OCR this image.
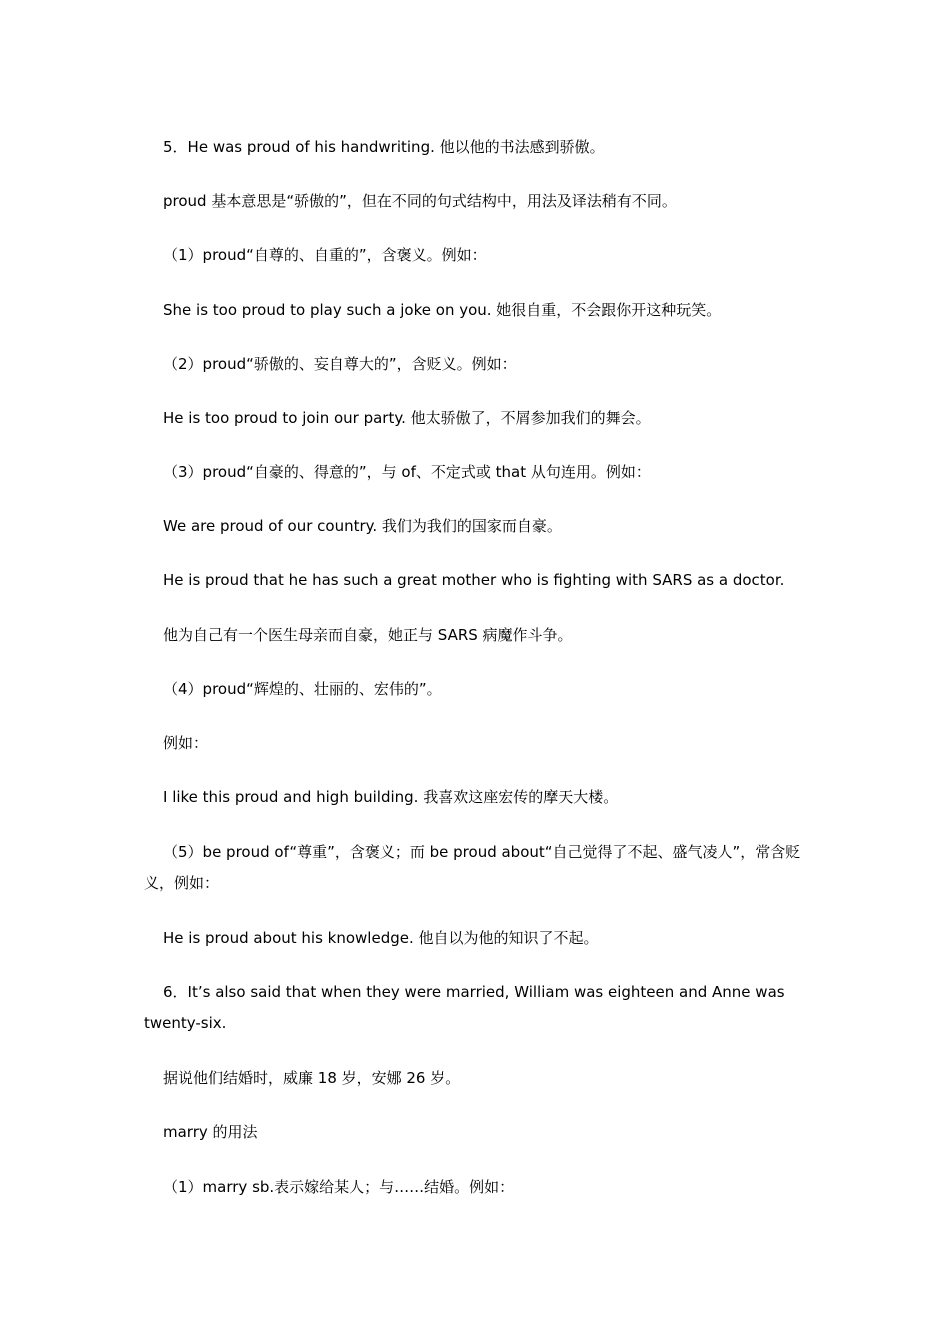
5．He was proud of his handwriting. 他以他的书法感到骄傲。

proud 基本意思是“骄傲的”，但在不同的句式结构中，用法及译法稍有不同。

（1）proud“自尊的、自重的”，含褒义。例如：

She is too proud to play such a joke on you. 她很自重，不会跟你开这种玩笑。

（2）proud“骄傲的、妄自尊大的”，含贬义。例如：

He is too proud to join our party. 他太骄傲了，不屑参加我们的舞会。

（3）proud“自豪的、得意的”，与 of、不定式或 that 从句连用。例如：

We are proud of our country. 我们为我们的国家而自豪。

He is proud that he has such a great mother who is fighting with SARS as a doctor.

他为自己有一个医生母亲而自豪，她正与 SARS 病魔作斗争。

（4）proud“辉煌的、壮丽的、宏伟的”。

例如：

I like this proud and high building. 我喜欢这座宏传的摩天大楼。

（5）be proud of“尊重”，含褒义；而 be proud about“自己觉得了不起、盛气凌人”，常含贬义，例如：

He is proud about his knowledge. 他自以为他的知识了不起。

6．It’s also said that when they were married, William was eighteen and Anne was twenty-six.

据说他们结婚时，威廉 18 岁，安娜 26 岁。

marry 的用法

（1）marry sb.表示嫁给某人；与……结婚。例如：
